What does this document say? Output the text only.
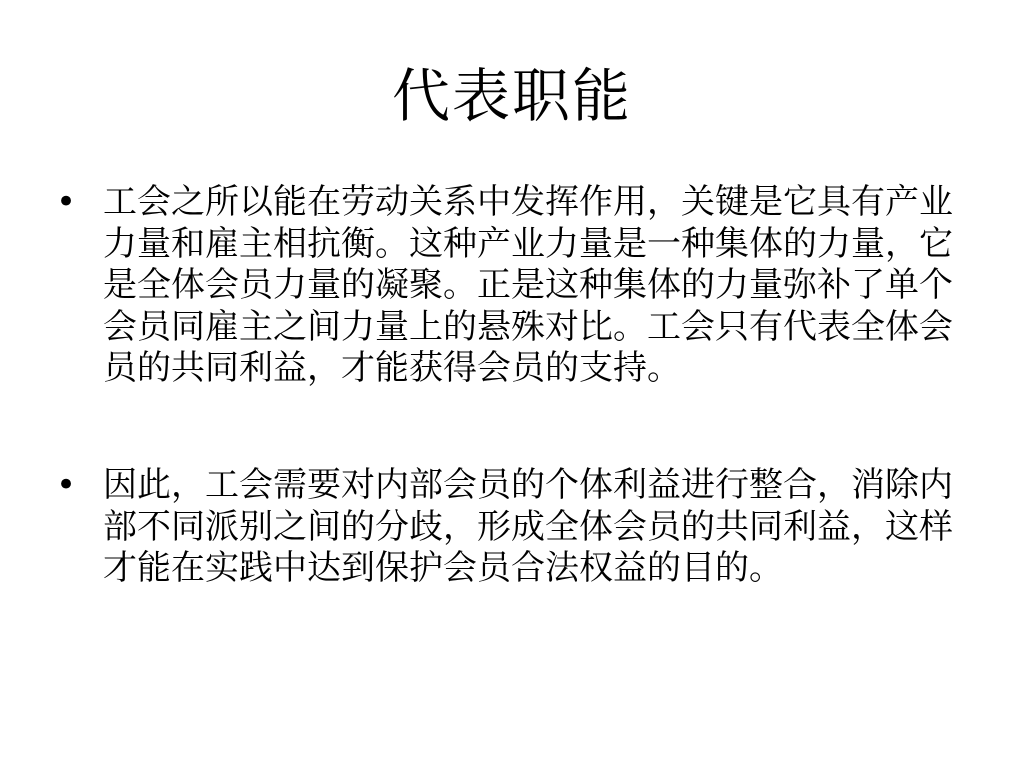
代表职能
• 工会之所以能在劳动关系中发挥作用，关键是它具有产业力量和雇主相抗衡。这种产业力量是一种集体的力量，它是全体会员力量的凝聚。正是这种集体的力量弥补了单个会员同雇主之间力量上的悬殊对比。工会只有代表全体会员的共同利益，才能获得会员的支持。
• 因此，工会需要对内部会员的个体利益进行整合，消除内部不同派别之间的分歧，形成全体会员的共同利益，这样才能在实践中达到保护会员合法权益的目的。
